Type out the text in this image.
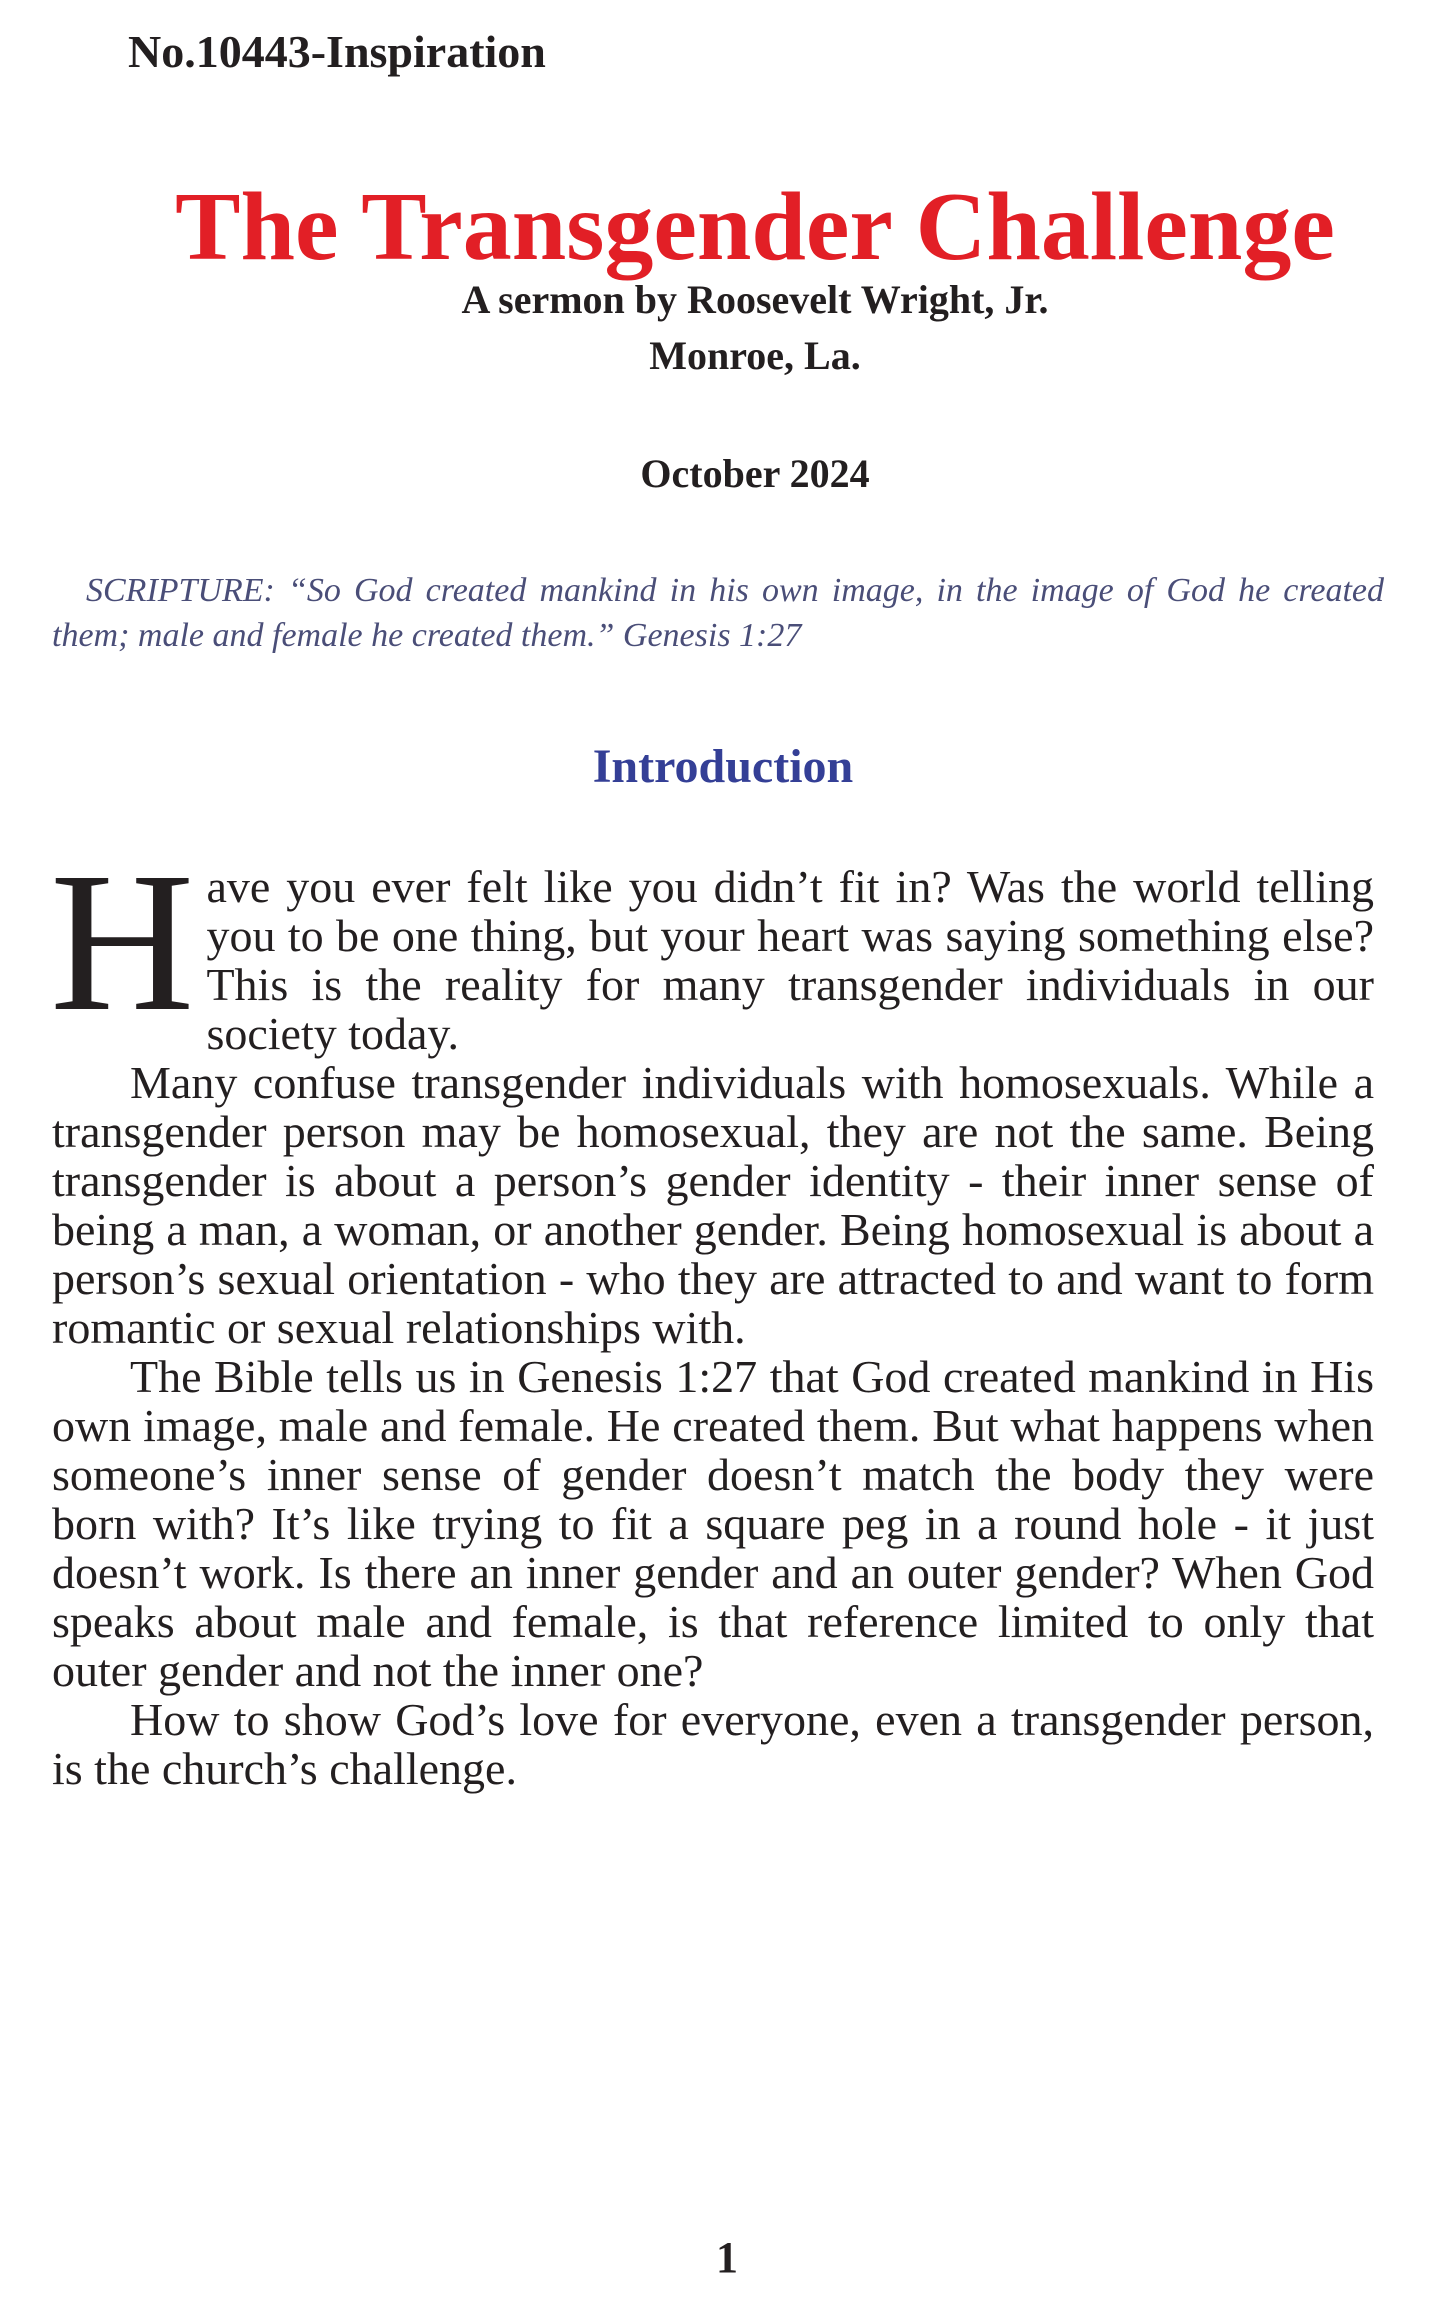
No.10443-Inspiration
The Transgender Challenge
A sermon by Roosevelt Wright, Jr.
Monroe, La.
October 2024

SCRIPTURE: “So God created mankind in his own image, in the image of God he created them; male and female he created them.” Genesis 1:27

Introduction

Have you ever felt like you didn’t fit in? Was the world telling you to be one thing, but your heart was saying something else? This is the reality for many transgender individuals in our society today.

Many confuse transgender individuals with homosexuals. While a transgender person may be homosexual, they are not the same. Being transgender is about a person’s gender identity - their inner sense of being a man, a woman, or another gender. Being homosexual is about a person’s sexual orientation - who they are attracted to and want to form romantic or sexual relationships with.

The Bible tells us in Genesis 1:27 that God created mankind in His own image, male and female. He created them. But what happens when someone’s inner sense of gender doesn’t match the body they were born with? It’s like trying to fit a square peg in a round hole - it just doesn’t work. Is there an inner gender and an outer gender? When God speaks about male and female, is that reference limited to only that outer gender and not the inner one?

How to show God’s love for everyone, even a transgender person, is the church’s challenge.

1
